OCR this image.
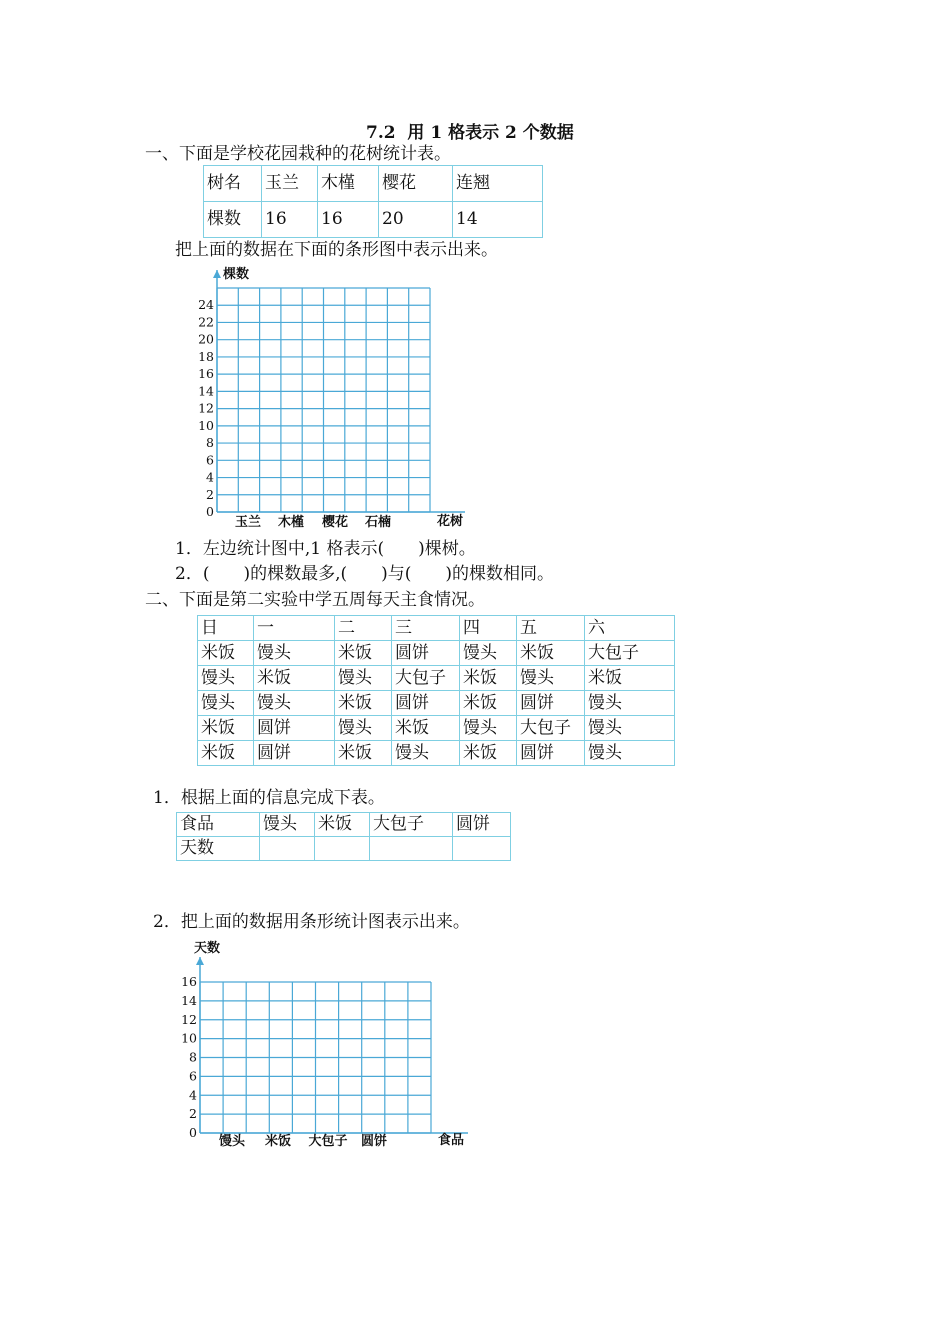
7.2  用 1 格表示 2 个数据
一、下面是学校花园栽种的花树统计表。
树名	玉兰	木槿	樱花	连翘
棵数	16	16	20	14
把上面的数据在下面的条形图中表示出来。
棵数
花树
0
2
4
6
8
10
12
14
16
18
20
22
24
玉兰 木槿 樱花 石楠
1．左边统计图中,1 格表示(　　)棵树。
2．(　　)的棵数最多,(　　)与(　　)的棵数相同。
二、下面是第二实验中学五周每天主食情况。
日	一	二	三	四	五	六
米饭	馒头	米饭	圆饼	馒头	米饭	大包子
馒头	米饭	馒头	大包子	米饭	馒头	米饭
馒头	馒头	米饭	圆饼	米饭	圆饼	馒头
米饭	圆饼	馒头	米饭	馒头	大包子	馒头
米饭	圆饼	米饭	馒头	米饭	圆饼	馒头
1．根据上面的信息完成下表。
食品	馒头	米饭	大包子	圆饼
天数				
2．把上面的数据用条形统计图表示出来。
天数
食品
0
2
4
6
8
10
12
14
16
馒头 米饭 大包子 圆饼
